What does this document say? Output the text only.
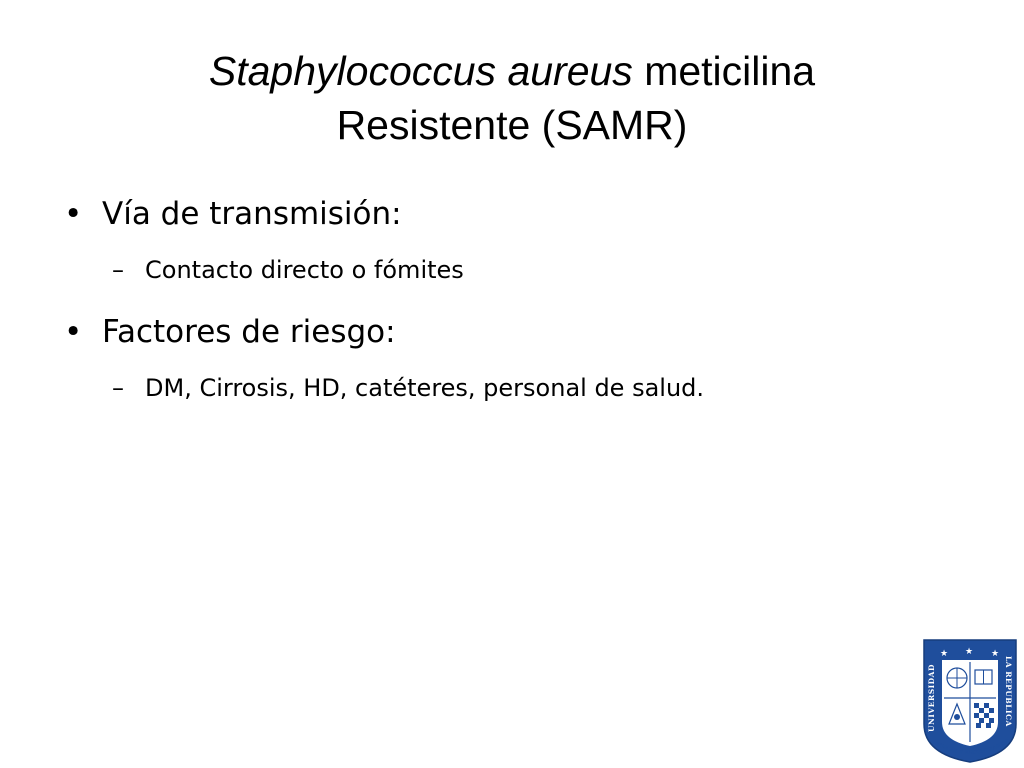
Staphylococcus aureus meticilina
Resistente (SAMR)
• Vía de transmisión:
– Contacto directo o fómites
• Factores de riesgo:
– DM, Cirrosis, HD, catéteres, personal de salud.
★ ★ ★
UNIVERSIDAD
LA REPUBLICA
BUSCAD Y ENCONTRAREIS
